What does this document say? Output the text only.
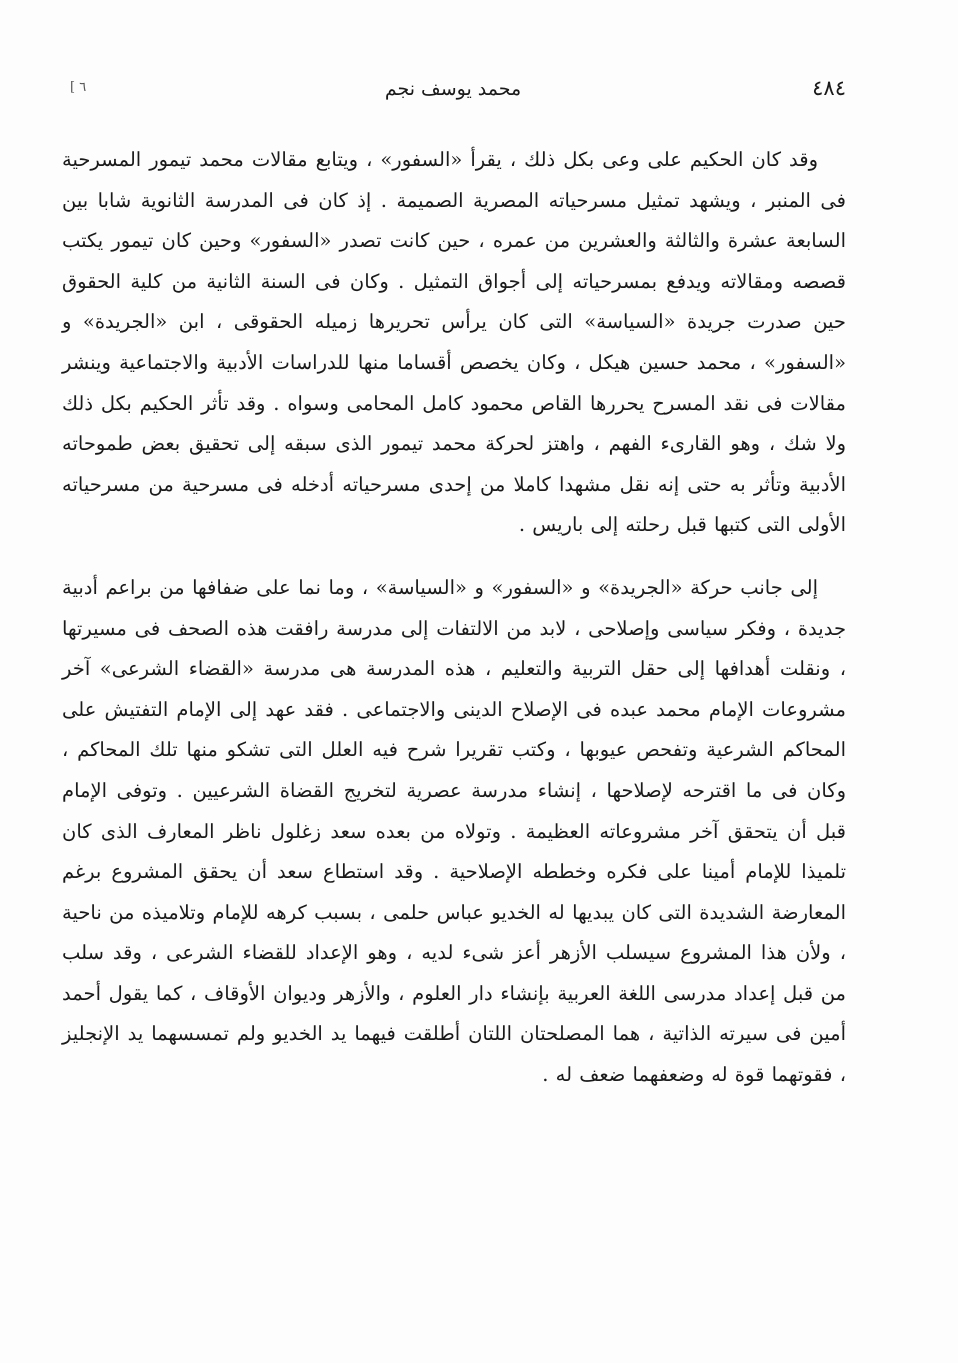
٤٨٤
محمد يوسف نجم
[ ٦

وقد كان الحكيم على وعى بكل ذلك ، يقرأ «السفور» ، ويتابع مقالات محمد تيمور المسرحية فى المنبر ، ويشهد تمثيل مسرحياته المصرية الصميمة . إذ كان فى المدرسة الثانوية شابا بين السابعة عشرة والثالثة والعشرين من عمره ، حين كانت تصدر «السفور» وحين كان تيمور يكتب قصصه ومقالاته ويدفع بمسرحياته إلى أجواق التمثيل . وكان فى السنة الثانية من كلية الحقوق حين صدرت جريدة «السياسة» التى كان يرأس تحريرها زميله الحقوقى ، ابن «الجريدة» و «السفور» ، محمد حسين هيكل ، وكان يخصص أقساما منها للدراسات الأدبية والاجتماعية وينشر مقالات فى نقد المسرح يحررها القاص محمود كامل المحامى وسواه . وقد تأثر الحكيم بكل ذلك ولا شك ، وهو القارىء الفهم ، واهتز لحركة محمد تيمور الذى سبقه إلى تحقيق بعض طموحاته الأدبية وتأثر به حتى إنه نقل مشهدا كاملا من إحدى مسرحياته أدخله فى مسرحية من مسرحياته الأولى التى كتبها قبل رحلته إلى باريس .

إلى جانب حركة «الجريدة» و «السفور» و «السياسة» ، وما نما على ضفافها من براعم أدبية جديدة ، وفكر سياسى وإصلاحى ، لابد من الالتفات إلى مدرسة رافقت هذه الصحف فى مسيرتها ، ونقلت أهدافها إلى حقل التربية والتعليم ، هذه المدرسة هى مدرسة «القضاء الشرعى» آخر مشروعات الإمام محمد عبده فى الإصلاح الدينى والاجتماعى . فقد عهد إلى الإمام التفتيش على المحاكم الشرعية وتفحص عيوبها ، وكتب تقريرا شرح فيه العلل التى تشكو منها تلك المحاكم ، وكان فى ما اقترحه لإصلاحها ، إنشاء مدرسة عصرية لتخريج القضاة الشرعيين . وتوفى الإمام قبل أن يتحقق آخر مشروعاته العظيمة . وتولاه من بعده سعد زغلول ناظر المعارف الذى كان تلميذا للإمام أمينا على فكره وخططه الإصلاحية . وقد استطاع سعد أن يحقق المشروع برغم المعارضة الشديدة التى كان يبديها له الخديو عباس حلمى ، بسبب كرهه للإمام وتلاميذه من ناحية ، ولأن هذا المشروع سيسلب الأزهر أعز شىء لديه ، وهو الإعداد للقضاء الشرعى ، وقد سلب من قبل إعداد مدرسى اللغة العربية بإنشاء دار العلوم ، والأزهر وديوان الأوقاف ، كما يقول أحمد أمين فى سيرته الذاتية ، هما المصلحتان اللتان أطلقت فيهما يد الخديو ولم تمسسهما يد الإنجليز ، فقوتهما قوة له وضعفهما ضعف له .
